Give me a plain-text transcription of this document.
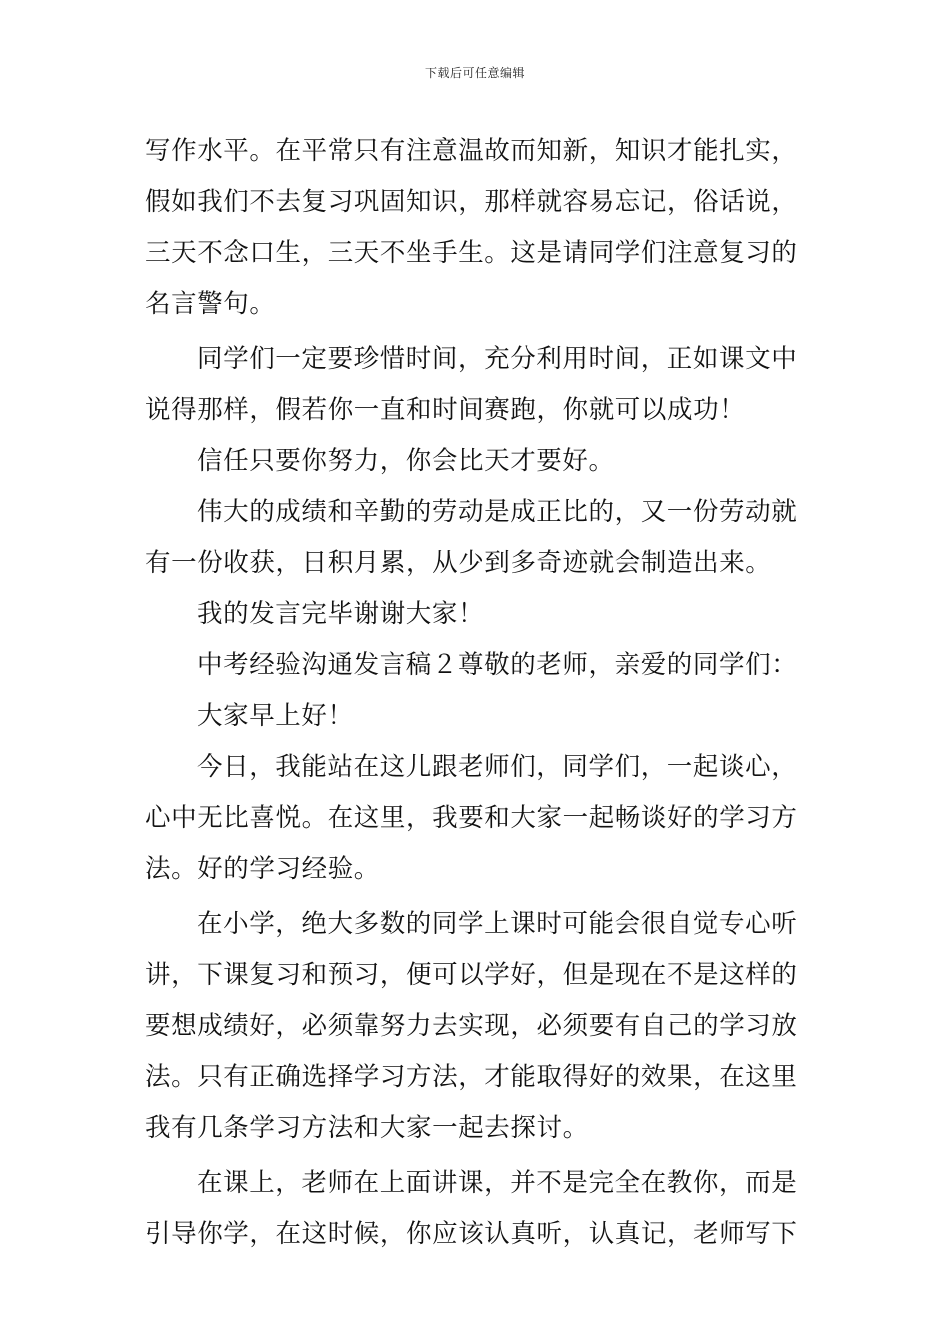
下载后可任意编辑
写作水平。在平常只有注意温故而知新，知识才能扎实，
假如我们不去复习巩固知识，那样就容易忘记，俗话说，
三天不念口生，三天不坐手生。这是请同学们注意复习的
名言警句。
同学们一定要珍惜时间，充分利用时间，正如课文中
说得那样，假若你一直和时间赛跑，你就可以成功！
信任只要你努力，你会比天才要好。
伟大的成绩和辛勤的劳动是成正比的，又一份劳动就
有一份收获，日积月累，从少到多奇迹就会制造出来。
我的发言完毕谢谢大家！
中考经验沟通发言稿２尊敬的老师，亲爱的同学们：
大家早上好！
今日，我能站在这儿跟老师们，同学们，一起谈心，
心中无比喜悦。在这里，我要和大家一起畅谈好的学习方
法。好的学习经验。
在小学，绝大多数的同学上课时可能会很自觉专心听
讲，下课复习和预习，便可以学好，但是现在不是这样的
要想成绩好，必须靠努力去实现，必须要有自己的学习放
法。只有正确选择学习方法，才能取得好的效果，在这里
我有几条学习方法和大家一起去探讨。
在课上，老师在上面讲课，并不是完全在教你，而是
引导你学，在这时候，你应该认真听，认真记，老师写下
